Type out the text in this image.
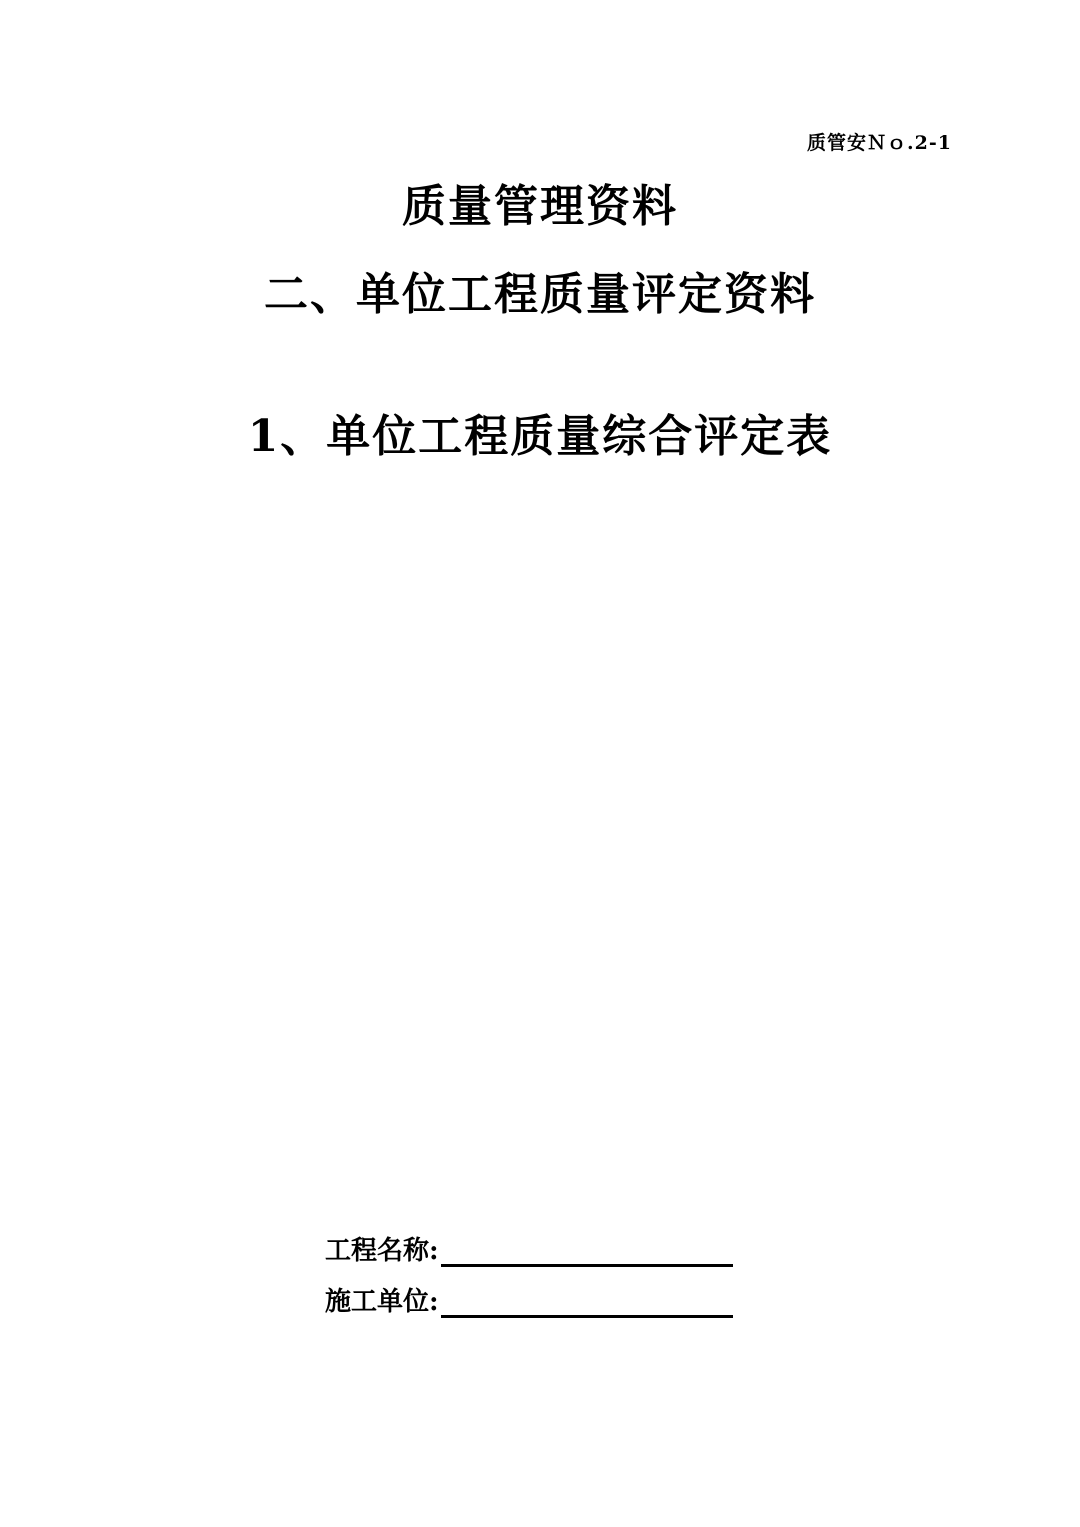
质管安Ｎｏ.2-1
质量管理资料
二、单位工程质量评定资料
1、单位工程质量综合评定表
工程名称:
施工单位:
